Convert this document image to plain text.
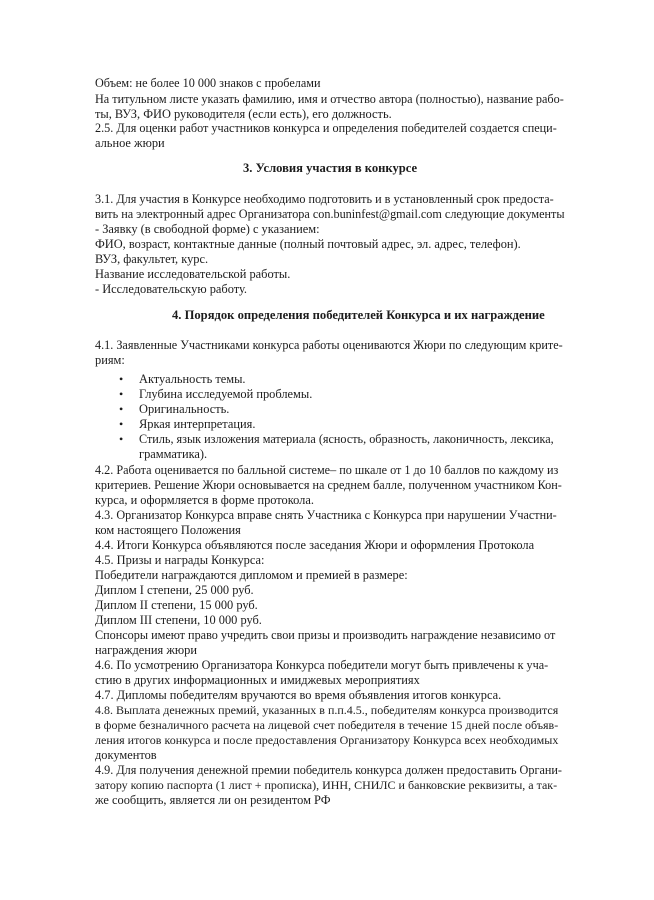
Объем: не более 10 000 знаков с пробелами

На титульном листе указать фамилию, имя и отчество автора (полностью), название рабо-

ты, ВУЗ, ФИО руководителя (если есть), его должность.

2.5. Для оценки работ участников конкурса и определения победителей создается специ-

альное жюри

3. Условия участия в конкурсе

3.1. Для участия в Конкурсе необходимо подготовить и в установленный срок предоста-

вить на электронный адрес Организатора con.buninfest@gmail.com следующие документы

- Заявку (в свободной форме) с указанием:

ФИО, возраст, контактные данные (полный почтовый адрес, эл. адрес, телефон).

ВУЗ, факультет, курс.

Название исследовательской работы.

- Исследовательскую работу.

4. Порядок определения победителей Конкурса и их награждение

4.1. Заявленные Участниками конкурса работы оцениваются Жюри по следующим крите-

риям:

• Актуальность темы.

• Глубина исследуемой проблемы.

• Оригинальность.

• Яркая интерпретация.

• Стиль, язык изложения материала (ясность, образность, лаконичность, лексика,

грамматика).

4.2. Работа оценивается по балльной системе– по шкале от 1 до 10 баллов по каждому из

критериев. Решение Жюри основывается на среднем балле, полученном участником Кон-

курса, и оформляется в форме протокола.

4.3. Организатор Конкурса вправе снять Участника с Конкурса при нарушении Участни-

ком настоящего Положения

4.4. Итоги Конкурса объявляются после заседания Жюри и оформления Протокола

4.5. Призы и награды Конкурса:

Победители награждаются дипломом и премией в размере:

Диплом I степени, 25 000 руб.

Диплом II степени, 15 000 руб.

Диплом III степени, 10 000 руб.

Спонсоры имеют право учредить свои призы и производить награждение независимо от

награждения жюри

4.6. По усмотрению Организатора Конкурса победители могут быть привлечены к уча-

стию в других информационных и имиджевых мероприятиях

4.7. Дипломы победителям вручаются во время объявления итогов конкурса.

4.8. Выплата денежных премий, указанных в п.п.4.5., победителям конкурса производится

в форме безналичного расчета на лицевой счет победителя в течение 15 дней после объяв-

ления итогов конкурса и после предоставления Организатору Конкурса всех необходимых

документов

4.9. Для получения денежной премии победитель конкурса должен предоставить Органи-

затору копию паспорта (1 лист + прописка), ИНН, СНИЛС и банковские реквизиты, а так-

же сообщить, является ли он резидентом РФ
